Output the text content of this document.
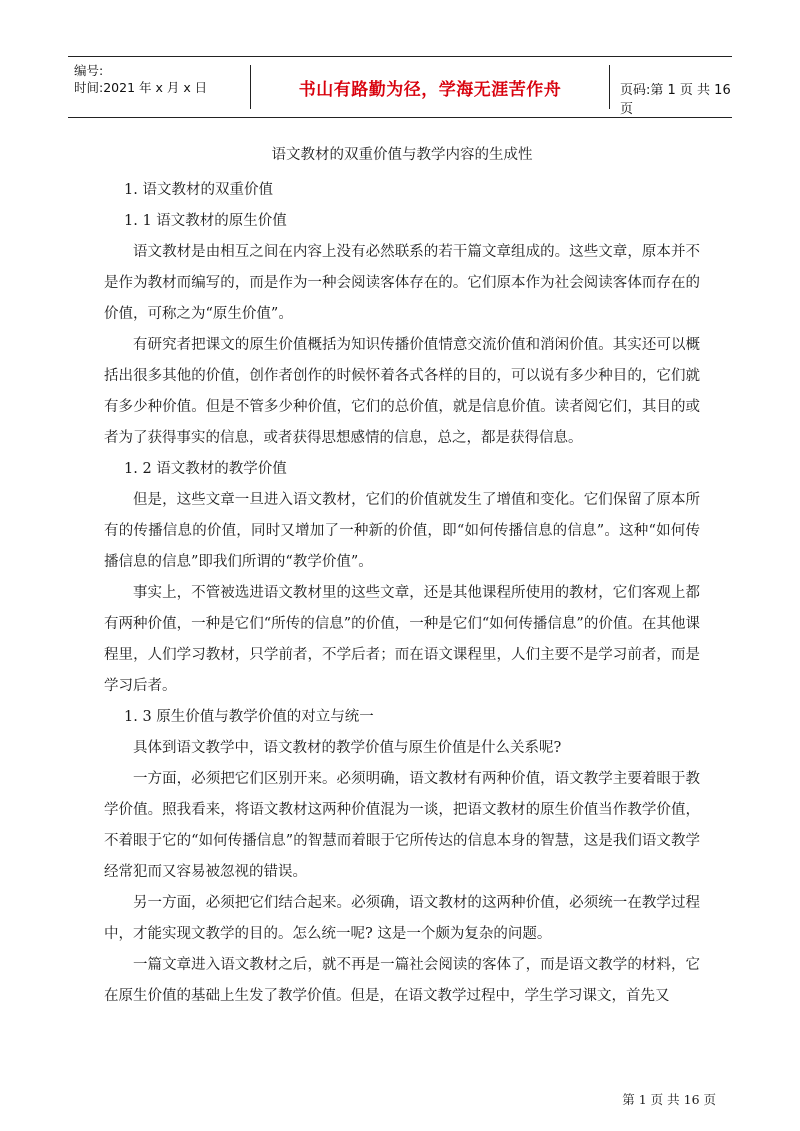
编号:
时间:2021 年 x 月 x 日	书山有路勤为径，学海无涯苦作舟	页码:第 1 页 共 16 页
语文教材的双重价值与教学内容的生成性
1. 语文教材的双重价值
1. 1 语文教材的原生价值

语文教材是由相互之间在内容上没有必然联系的若干篇文章组成的。这些文章，原本并不是作为教材而编写的，而是作为一种会阅读客体存在的。它们原本作为社会阅读客体而存在的价值，可称之为“原生价值”。

有研究者把课文的原生价值概括为知识传播价值情意交流价值和消闲价值。其实还可以概括出很多其他的价值，创作者创作的时候怀着各式各样的目的，可以说有多少种目的，它们就有多少种价值。但是不管多少种价值，它们的总价值，就是信息价值。读者阅它们，其目的或者为了获得事实的信息，或者获得思想感情的信息，总之，都是获得信息。

1. 2 语文教材的教学价值

但是，这些文章一旦进入语文教材，它们的价值就发生了增值和变化。它们保留了原本所有的传播信息的价值，同时又增加了一种新的价值，即“如何传播信息的信息”。这种“如何传播信息的信息”即我们所谓的“教学价值”。

事实上，不管被选进语文教材里的这些文章，还是其他课程所使用的教材，它们客观上都有两种价值，一种是它们“所传的信息”的价值，一种是它们“如何传播信息”的价值。在其他课程里，人们学习教材，只学前者，不学后者；而在语文课程里，人们主要不是学习前者，而是学习后者。

1. 3 原生价值与教学价值的对立与统一

具体到语文教学中，语文教材的教学价值与原生价值是什么关系呢?

一方面，必须把它们区别开来。必须明确，语文教材有两种价值，语文教学主要着眼于教学价值。照我看来，将语文教材这两种价值混为一谈，把语文教材的原生价值当作教学价值，不着眼于它的“如何传播信息”的智慧而着眼于它所传达的信息本身的智慧，这是我们语文教学经常犯而又容易被忽视的错误。

另一方面，必须把它们结合起来。必须确，语文教材的这两种价值，必须统一在教学过程中，才能实现文教学的目的。怎么统一呢? 这是一个颇为复杂的问题。

一篇文章进入语文教材之后，就不再是一篇社会阅读的客体了，而是语文教学的材料，它在原生价值的基础上生发了教学价值。但是，在语文教学过程中，学生学习课文，首先又

第 1 页 共 16 页
